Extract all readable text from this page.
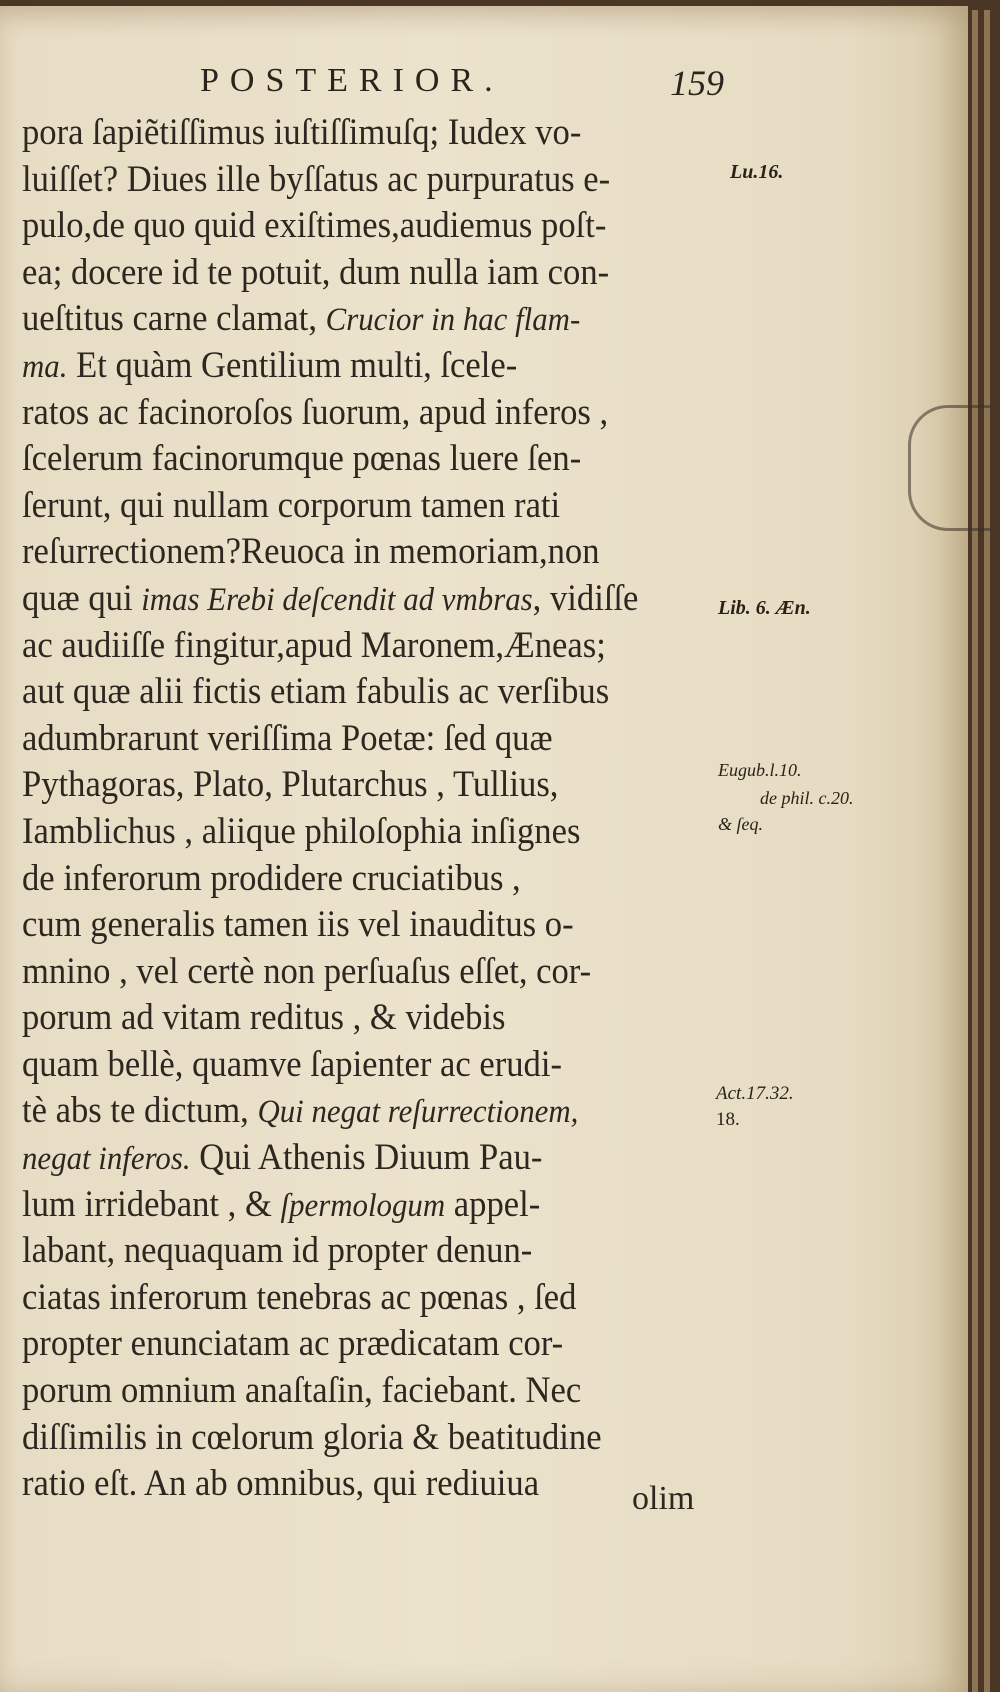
POSTERIOR.	159
pora ſapiẽtiſſimus iuſtiſſimuſq; Iudex vo-
luiſſet? Diues ille byſſatus ac purpuratus e-
pulo,de quo quid exiſtimes,audiemus poſt-
ea; docere id te potuit, dum nulla iam con-
ueſtitus carne clamat, Crucior in hac flam-
ma. Et quàm Gentilium multi, ſcele-
ratos ac facinoroſos ſuorum, apud inferos ,
ſcelerum facinorumque pœnas luere ſen-
ſerunt, qui nullam corporum tamen rati
reſurrectionem?Reuoca in memoriam,non
quæ qui imas Erebi deſcendit ad vmbras, vidiſſe
ac audiiſſe fingitur,apud Maronem,Æneas;
aut quæ alii fictis etiam fabulis ac verſibus
adumbrarunt veriſſima Poetæ: ſed quæ
Pythagoras, Plato, Plutarchus , Tullius,
Iamblichus , aliique philoſophia inſignes
de inferorum prodidere cruciatibus ,
cum generalis tamen iis vel inauditus o-
mnino , vel certè non perſuaſus eſſet, cor-
porum ad vitam reditus , & videbis
quam bellè, quamve ſapienter ac erudi-
tè abs te dictum, Qui negat reſurrectionem,
negat inferos. Qui Athenis Diuum Pau-
lum irridebant , & ſpermologum appel-
labant, nequaquam id propter denun-
ciatas inferorum tenebras ac pœnas , ſed
propter enunciatam ac prædicatam cor-
porum omnium anaſtaſin, faciebant. Nec
diſſimilis in cœlorum gloria & beatitudine
ratio eſt. An ab omnibus, qui rediuiua
Lu.16.
Lib. 6. Æn.
Eugub.l.10.
de phil. c.20.
& ſeq.
Act.17.32.
18.
olim
